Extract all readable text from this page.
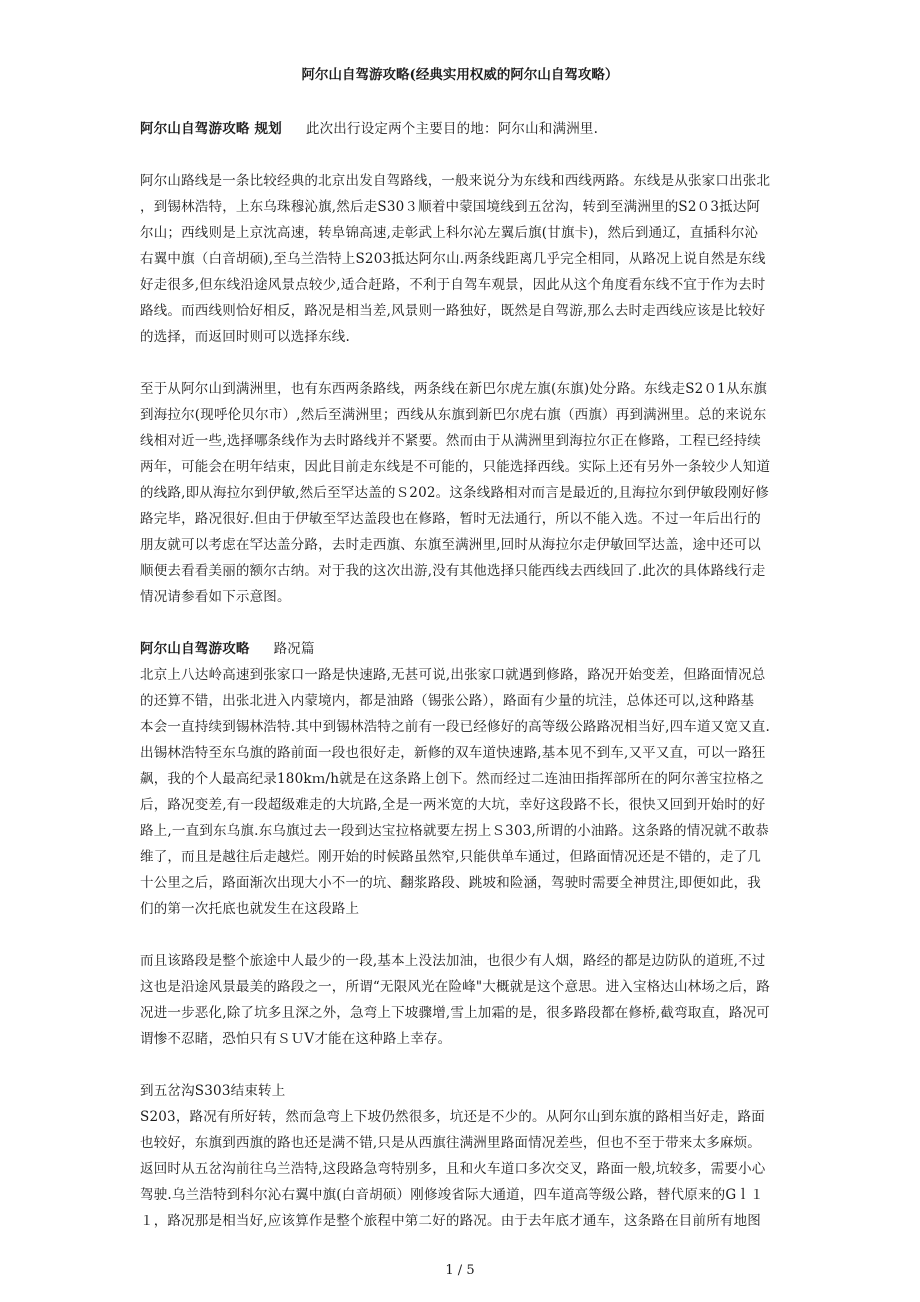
阿尔山自驾游攻略(经典实用权威的阿尔山自驾攻略）
阿尔山自驾游攻略 规划 此次出行设定两个主要目的地：阿尔山和满洲里.
阿尔山路线是一条比较经典的北京出发自驾路线，一般来说分为东线和西线两路。东线是从张家口出张北
，到锡林浩特，上东乌珠穆沁旗,然后走S30３顺着中蒙国境线到五岔沟，转到至满洲里的S2０3抵达阿
尔山；西线则是上京沈高速，转阜锦高速,走彰武上科尔沁左翼后旗(甘旗卡)，然后到通辽，直插科尔沁
右翼中旗（白音胡硕),至乌兰浩特上S203抵达阿尔山.两条线距离几乎完全相同，从路况上说自然是东线
好走很多,但东线沿途风景点较少,适合赶路，不利于自驾车观景，因此从这个角度看东线不宜于作为去时
路线。而西线则恰好相反，路况是相当差,风景则一路独好，既然是自驾游,那么去时走西线应该是比较好
的选择，而返回时则可以选择东线.
至于从阿尔山到满洲里，也有东西两条路线，两条线在新巴尔虎左旗(东旗)处分路。东线走S2０1从东旗
到海拉尔(现呼伦贝尔市）,然后至满洲里；西线从东旗到新巴尔虎右旗（西旗）再到满洲里。总的来说东
线相对近一些,选择哪条线作为去时路线并不紧要。然而由于从满洲里到海拉尔正在修路，工程已经持续
两年，可能会在明年结束，因此目前走东线是不可能的，只能选择西线。实际上还有另外一条较少人知道
的线路,即从海拉尔到伊敏,然后至罕达盖的Ｓ202。这条线路相对而言是最近的,且海拉尔到伊敏段刚好修
路完毕，路况很好.但由于伊敏至罕达盖段也在修路，暂时无法通行，所以不能入选。不过一年后出行的
朋友就可以考虑在罕达盖分路，去时走西旗、东旗至满洲里,回时从海拉尔走伊敏回罕达盖，途中还可以
顺便去看看美丽的额尔古纳。对于我的这次出游,没有其他选择只能西线去西线回了.此次的具体路线行走
情况请参看如下示意图。
阿尔山自驾游攻略 路况篇
北京上八达岭高速到张家口一路是快速路,无甚可说,出张家口就遇到修路，路况开始变差，但路面情况总
的还算不错，出张北进入内蒙境内，都是油路（锡张公路），路面有少量的坑洼，总体还可以,这种路基
本会一直持续到锡林浩特.其中到锡林浩特之前有一段已经修好的高等级公路路况相当好,四车道又宽又直.
出锡林浩特至东乌旗的路前面一段也很好走，新修的双车道快速路,基本见不到车,又平又直，可以一路狂
飙，我的个人最高纪录180kｍ/h就是在这条路上创下。然而经过二连油田指挥部所在的阿尔善宝拉格之
后，路况变差,有一段超级难走的大坑路,全是一两米宽的大坑，幸好这段路不长，很快又回到开始时的好
路上,一直到东乌旗.东乌旗过去一段到达宝拉格就要左拐上Ｓ303,所谓的小油路。这条路的情况就不敢恭
维了，而且是越往后走越烂。刚开始的时候路虽然窄,只能供单车通过，但路面情况还是不错的，走了几
十公里之后，路面渐次出现大小不一的坑、翻浆路段、跳坡和险涵，驾驶时需要全神贯注,即便如此，我
们的第一次托底也就发生在这段路上
而且该路段是整个旅途中人最少的一段,基本上没法加油，也很少有人烟，路经的都是边防队的道班,不过
这也是沿途风景最美的路段之一，所谓“无限风光在险峰"大概就是这个意思。进入宝格达山林场之后，路
况进一步恶化,除了坑多且深之外，急弯上下坡骤增,雪上加霜的是，很多路段都在修桥,截弯取直，路况可
谓惨不忍睹，恐怕只有ＳＵV才能在这种路上幸存。
到五岔沟S303结束转上
S203，路况有所好转，然而急弯上下坡仍然很多，坑还是不少的。从阿尔山到东旗的路相当好走，路面
也较好，东旗到西旗的路也还是满不错,只是从西旗往满洲里路面情况差些，但也不至于带来太多麻烦。
返回时从五岔沟前往乌兰浩特,这段路急弯特别多，且和火车道口多次交叉，路面一般,坑较多，需要小心
驾驶.乌兰浩特到科尔沁右翼中旗(白音胡硕）刚修竣省际大通道，四车道高等级公路，替代原来的Gｌ１
１，路况那是相当好,应该算作是整个旅程中第二好的路况。由于去年底才通车，这条路在目前所有地图
1 / 5
